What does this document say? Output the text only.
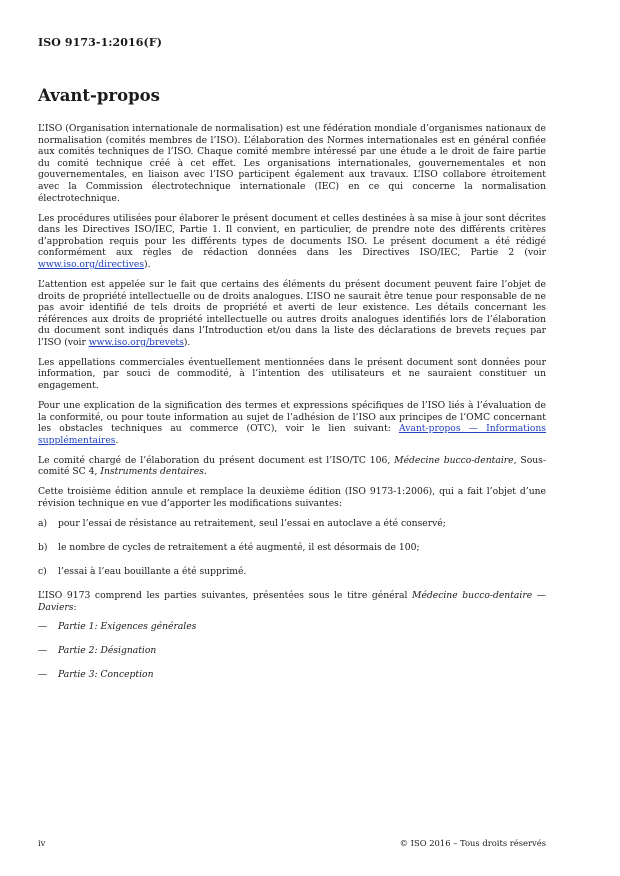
ISO 9173-1:2016(F)
Avant-propos

L’ISO (Organisation internationale de normalisation) est une fédération mondiale d’organismes nationaux de normalisation (comités membres de l’ISO). L’élaboration des Normes internationales est en général confiée aux comités techniques de l’ISO. Chaque comité membre intéressé par une étude a le droit de faire partie du comité technique créé à cet effet. Les organisations internationales, gouvernementales et non gouvernementales, en liaison avec l’ISO participent également aux travaux. L’ISO collabore étroitement avec la Commission électrotechnique internationale (IEC) en ce qui concerne la normalisation électrotechnique.

Les procédures utilisées pour élaborer le présent document et celles destinées à sa mise à jour sont décrites dans les Directives ISO/IEC, Partie 1. Il convient, en particulier, de prendre note des différents critères d’approbation requis pour les différents types de documents ISO. Le présent document a été rédigé conformément aux règles de rédaction données dans les Directives ISO/IEC, Partie 2 (voir www.iso.org/directives).

L’attention est appelée sur le fait que certains des éléments du présent document peuvent faire l’objet de droits de propriété intellectuelle ou de droits analogues. L’ISO ne saurait être tenue pour responsable de ne pas avoir identifié de tels droits de propriété et averti de leur existence. Les détails concernant les références aux droits de propriété intellectuelle ou autres droits analogues identifiés lors de l’élaboration du document sont indiqués dans l’Introduction et/ou dans la liste des déclarations de brevets reçues par l’ISO (voir www.iso.org/brevets).

Les appellations commerciales éventuellement mentionnées dans le présent document sont données pour information, par souci de commodité, à l’intention des utilisateurs et ne sauraient constituer un engagement.

Pour une explication de la signification des termes et expressions spécifiques de l’ISO liés à l’évaluation de la conformité, ou pour toute information au sujet de l’adhésion de l’ISO aux principes de l’OMC concernant les obstacles techniques au commerce (OTC), voir le lien suivant: Avant-propos — Informations supplémentaires.

Le comité chargé de l’élaboration du présent document est l’ISO/TC 106, Médecine bucco-dentaire, Sous-comité SC 4, Instruments dentaires.

Cette troisième édition annule et remplace la deuxième édition (ISO 9173-1:2006), qui a fait l’objet d’une révision technique en vue d’apporter les modifications suivantes:

a)	pour l’essai de résistance au retraitement, seul l’essai en autoclave a été conservé;
b)	le nombre de cycles de retraitement a été augmenté, il est désormais de 100;
c)	l’essai à l’eau bouillante a été supprimé.

L’ISO 9173 comprend les parties suivantes, présentées sous le titre général Médecine bucco-dentaire — Daviers:

—	Partie 1: Exigences générales
—	Partie 2: Désignation
—	Partie 3: Conception
iv	© ISO 2016 – Tous droits réservés
